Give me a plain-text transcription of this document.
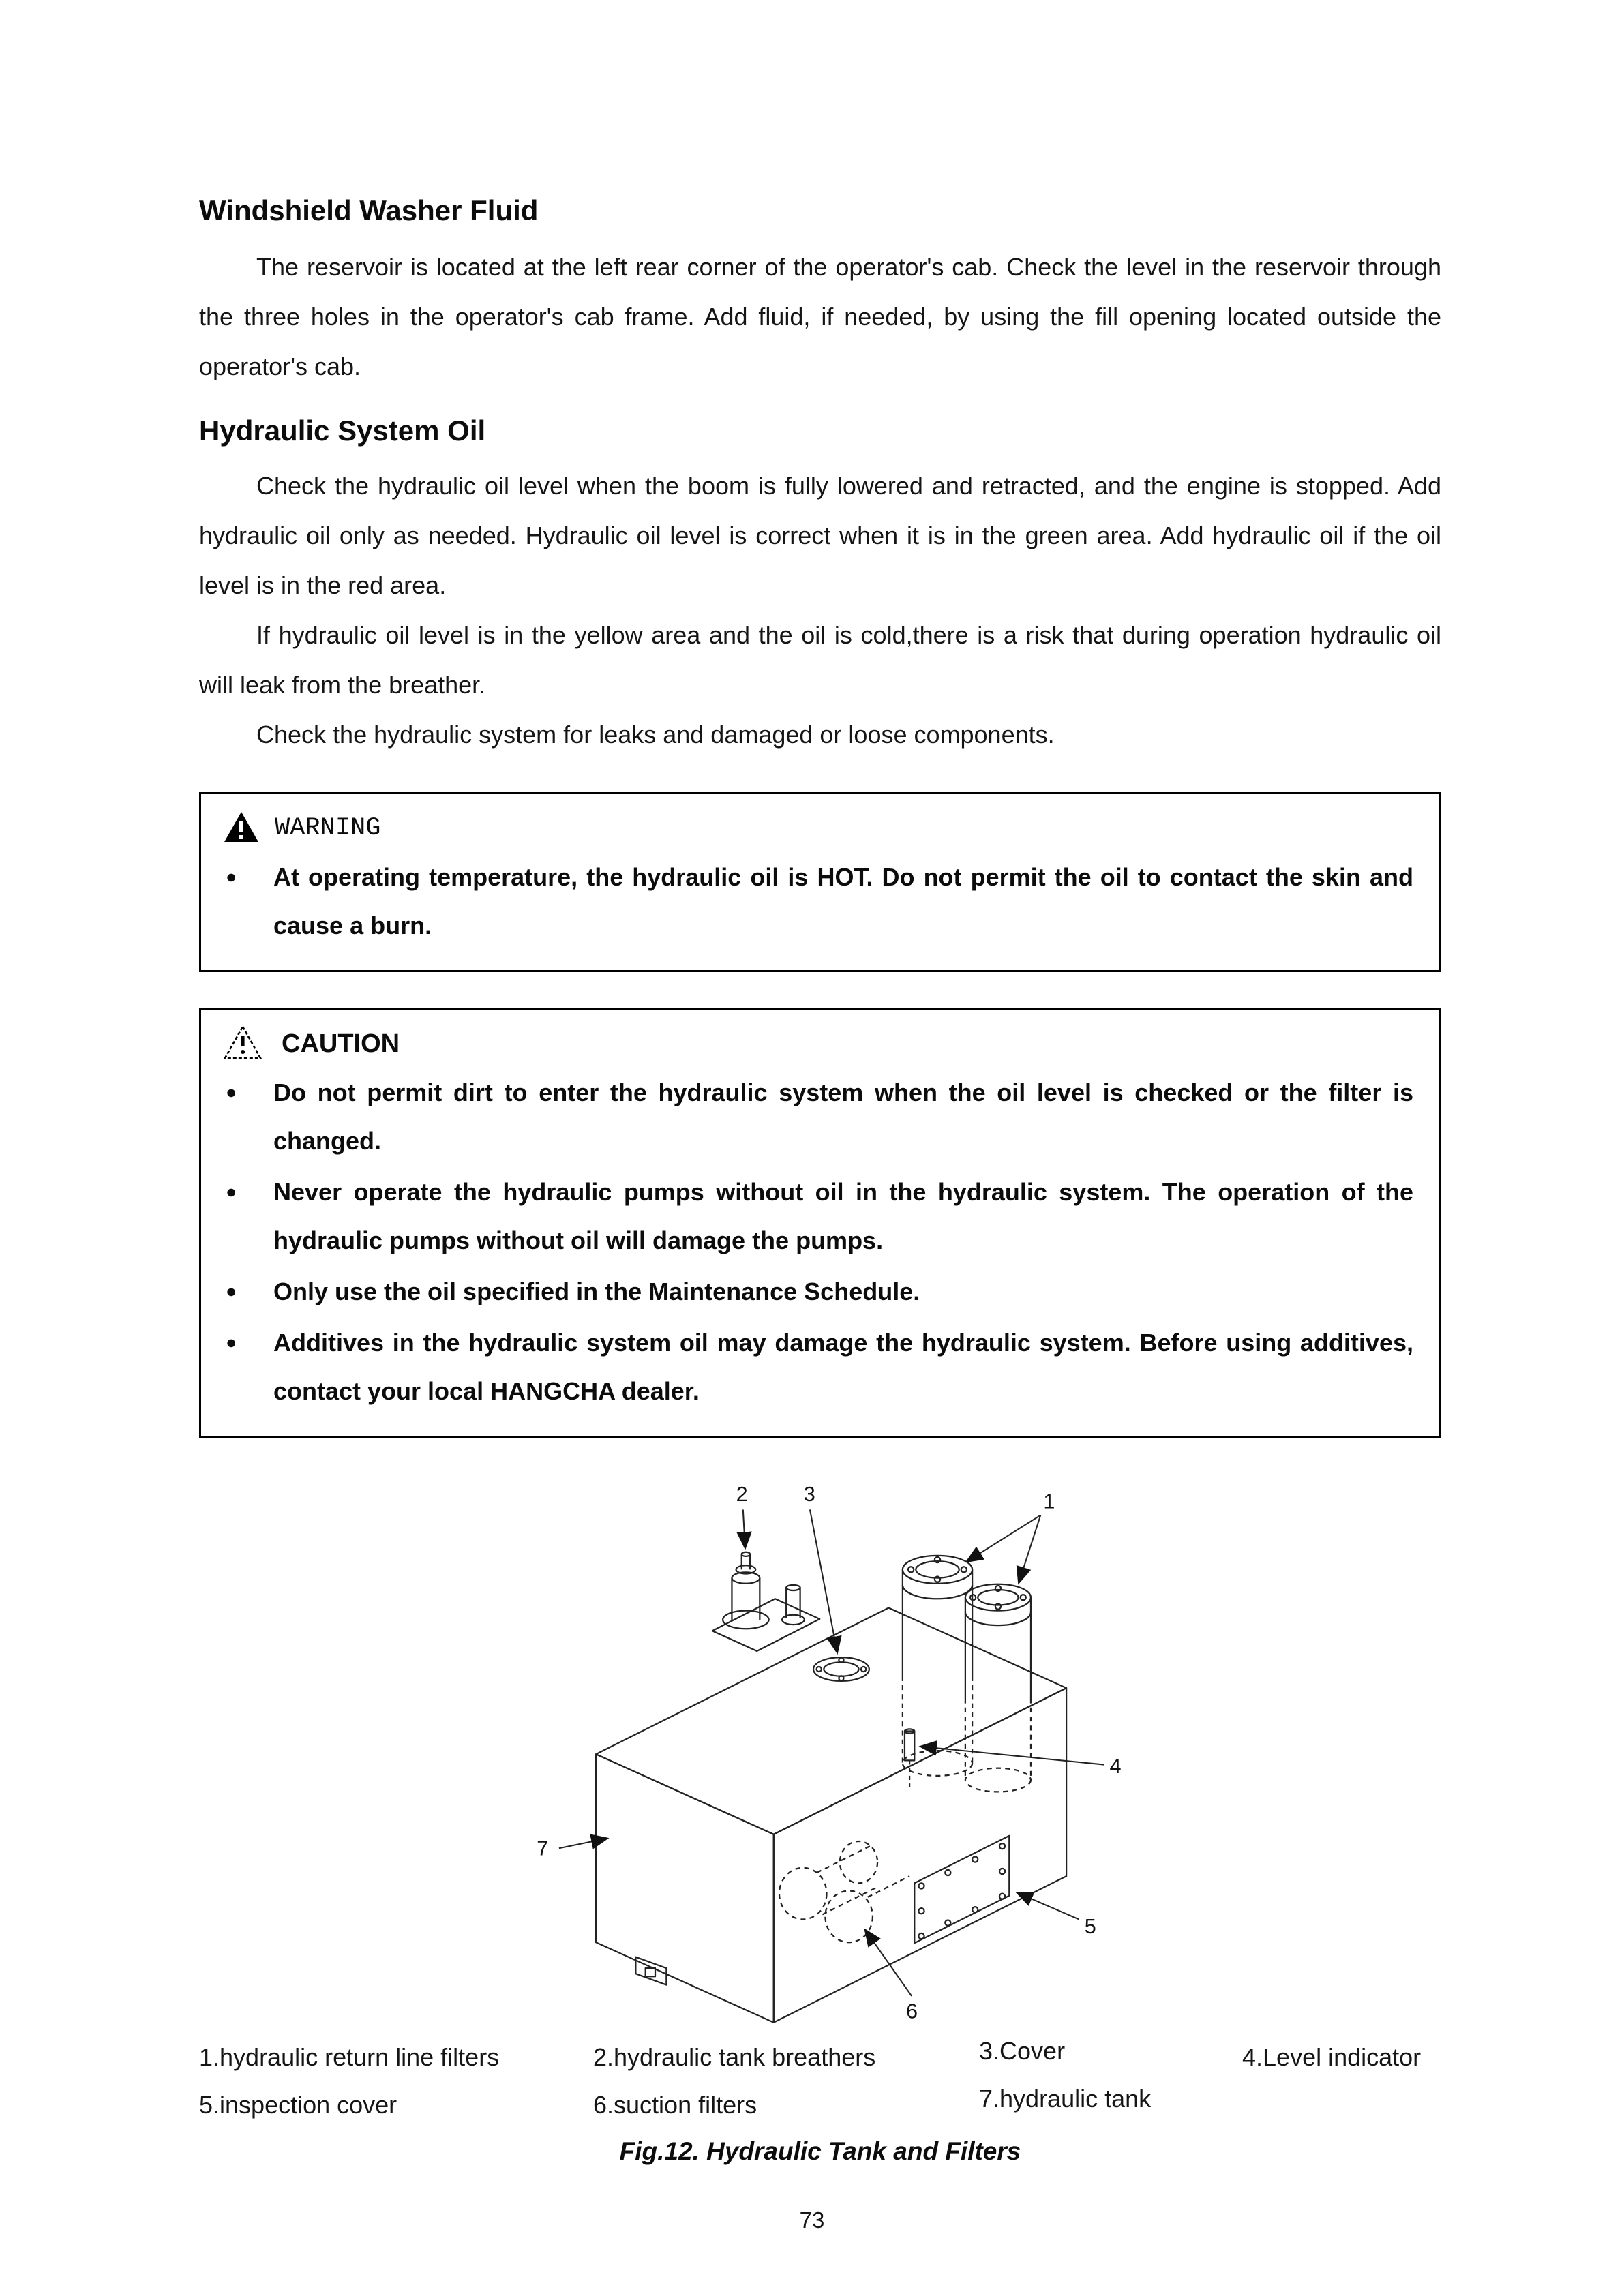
Windshield Washer Fluid

The reservoir is located at the left rear corner of the operator's cab. Check the level in the reservoir through the three holes in the operator's cab frame. Add fluid, if needed, by using the fill opening located outside the operator's cab.

Hydraulic System Oil

Check the hydraulic oil level when the boom is fully lowered and retracted, and the engine is stopped. Add hydraulic oil only as needed. Hydraulic oil level is correct when it is in the green area. Add hydraulic oil if the oil level is in the red area.

If hydraulic oil level is in the yellow area and the oil is cold,there is a risk that during operation hydraulic oil will leak from the breather.

Check the hydraulic system for leaks and damaged or loose components.

WARNING
● At operating temperature, the hydraulic oil is HOT. Do not permit the oil to contact the skin and cause a burn.
CAUTION
● Do not permit dirt to enter the hydraulic system when the oil level is checked or the filter is changed.
● Never operate the hydraulic pumps without oil in the hydraulic system. The operation of the hydraulic pumps without oil will damage the pumps.
● Only use the oil specified in the Maintenance Schedule.
● Additives in the hydraulic system oil may damage the hydraulic system. Before using additives, contact your local HANGCHA dealer.
1
2	3
4
5
6
7
1.hydraulic return line filters	2.hydraulic tank breathers	3.Cover	4.Level indicator
5.inspection cover	6.suction filters	7.hydraulic tank
Fig.12. Hydraulic Tank and Filters
73
